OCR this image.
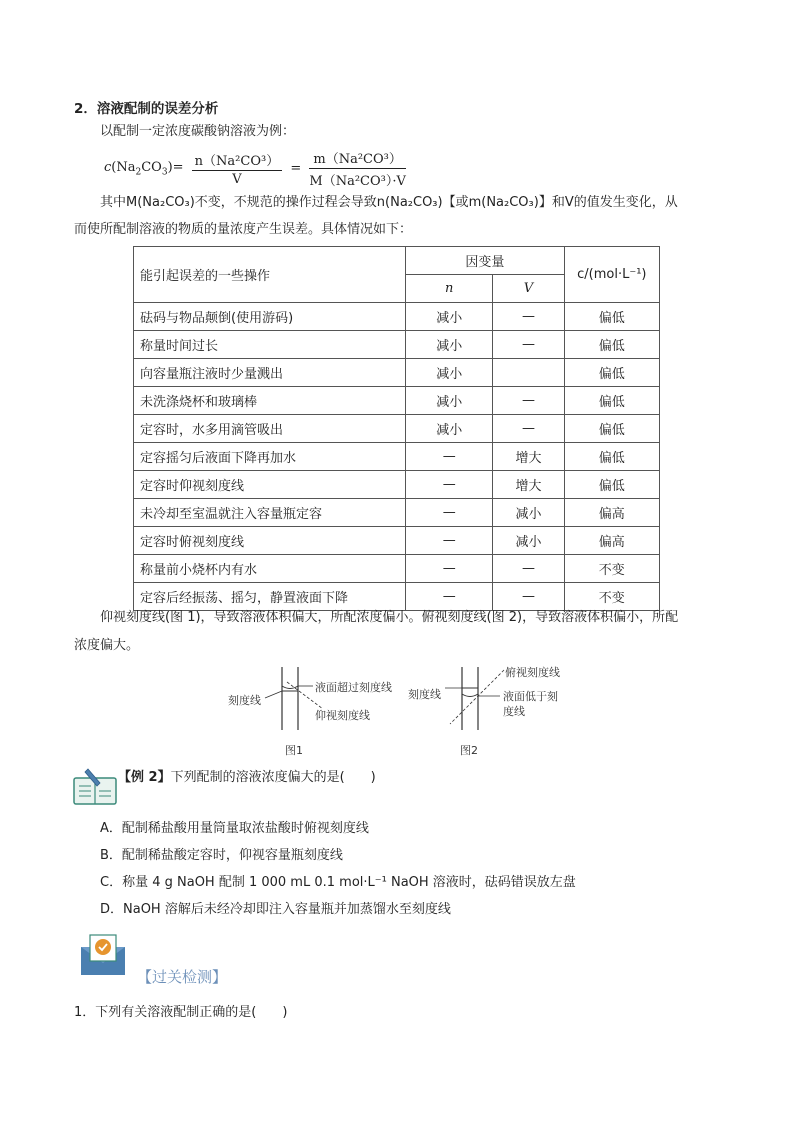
2．溶液配制的误差分析
以配制一定浓度碳酸钠溶液为例：
$c(Na_2CO_3)= \frac{\text{n（Na²CO³）}}{V} = \frac{\text{m（Na²CO³）}}{\text{M（Na²CO³）·V}}$
其中M(Na₂CO₃)不变，不规范的操作过程会导致n(Na₂CO₃)【或m(Na₂CO₃)】和V的值发生变化，从
而使所配制溶液的物质的量浓度产生误差。具体情况如下：
能引起误差的一些操作	因变量		c/(mol·L⁻¹)
	n	V	
砝码与物品颠倒(使用游码)	减小	—	偏低
称量时间过长	减小	—	偏低
向容量瓶注液时少量溅出	减小		偏低
未洗涤烧杯和玻璃棒	减小	—	偏低
定容时，水多用滴管吸出	减小	—	偏低
定容摇匀后液面下降再加水	—	增大	偏低
定容时仰视刻度线	—	增大	偏低
未冷却至室温就注入容量瓶定容	—	减小	偏高
定容时俯视刻度线	—	减小	偏高
称量前小烧杯内有水	—	—	不变
定容后经振荡、摇匀，静置液面下降	—	—	不变
仰视刻度线(图 1)，导致溶液体积偏大，所配浓度偏小。俯视刻度线(图 2)，导致溶液体积偏小，所配
浓度偏大。
刻度线
液面超过刻度线
仰视刻度线
图1
刻度线
俯视刻度线
液面低于刻
度线
图2
【例 2】下列配制的溶液浓度偏大的是(　　)
A．配制稀盐酸用量筒量取浓盐酸时俯视刻度线
B．配制稀盐酸定容时，仰视容量瓶刻度线
C．称量 4 g NaOH 配制 1 000 mL 0.1 mol·L⁻¹ NaOH 溶液时，砝码错误放左盘
D．NaOH 溶解后未经冷却即注入容量瓶并加蒸馏水至刻度线
【过关检测】
1．下列有关溶液配制正确的是(　　)
